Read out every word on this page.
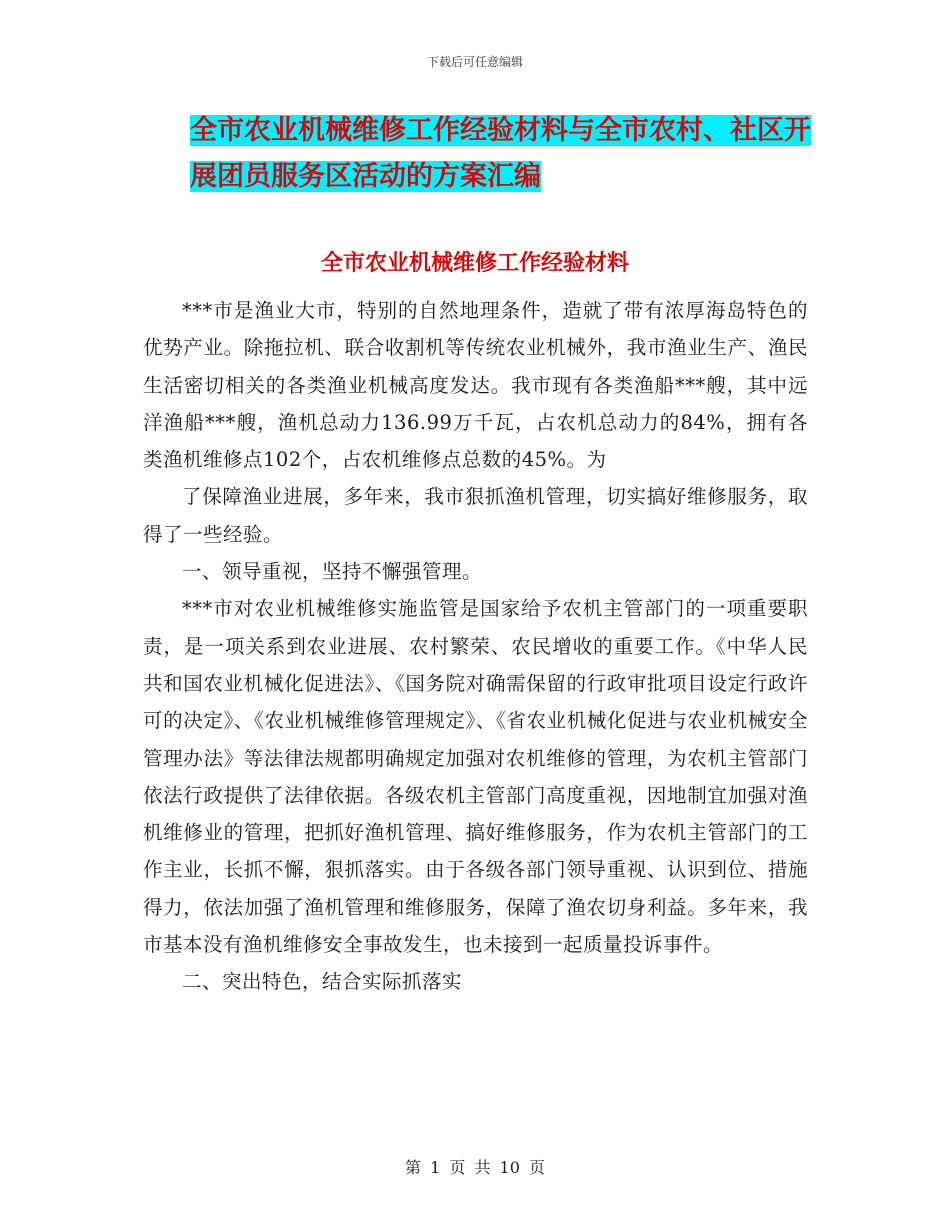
下载后可任意编辑
全市农业机械维修工作经验材料与全市农村、社区开
展团员服务区活动的方案汇编
全市农业机械维修工作经验材料

***市是渔业大市，特别的自然地理条件，造就了带有浓厚海岛特色的优势产业。除拖拉机、联合收割机等传统农业机械外，我市渔业生产、渔民生活密切相关的各类渔业机械高度发达。我市现有各类渔船***艘，其中远洋渔船***艘，渔机总动力136.99万千瓦，占农机总动力的84%，拥有各类渔机维修点102个，占农机维修点总数的45%。为

了保障渔业进展，多年来，我市狠抓渔机管理，切实搞好维修服务，取得了一些经验。

一、领导重视，坚持不懈强管理。

***市对农业机械维修实施监管是国家给予农机主管部门的一项重要职责，是一项关系到农业进展、农村繁荣、农民增收的重要工作。《中华人民共和国农业机械化促进法》、《国务院对确需保留的行政审批项目设定行政许可的决定》、《农业机械维修管理规定》、《省农业机械化促进与农业机械安全管理办法》等法律法规都明确规定加强对农机维修的管理，为农机主管部门依法行政提供了法律依据。各级农机主管部门高度重视，因地制宜加强对渔机维修业的管理，把抓好渔机管理、搞好维修服务，作为农机主管部门的工作主业，长抓不懈，狠抓落实。由于各级各部门领导重视、认识到位、措施得力，依法加强了渔机管理和维修服务，保障了渔农切身利益。多年来，我市基本没有渔机维修安全事故发生，也未接到一起质量投诉事件。

二、突出特色，结合实际抓落实

第 1 页 共 10 页
